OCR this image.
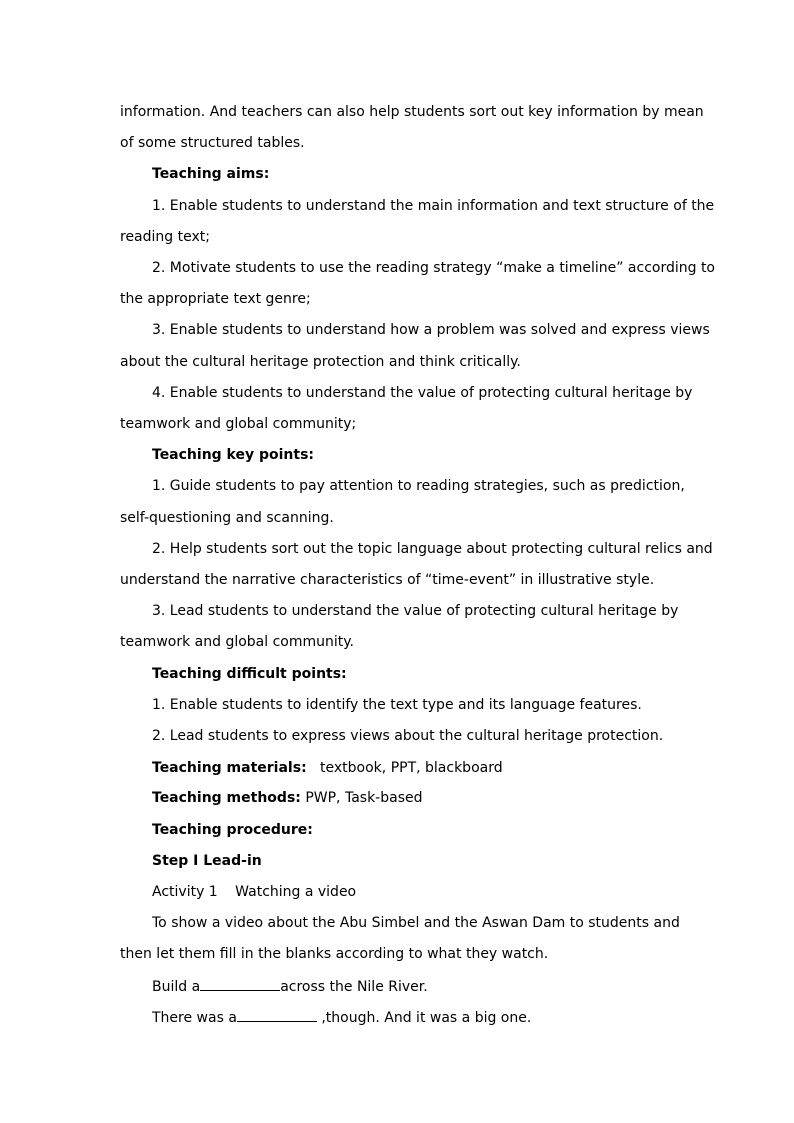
information. And teachers can also help students sort out key information by mean
of some structured tables.
Teaching aims:
1. Enable students to understand the main information and text structure of the
reading text;
2. Motivate students to use the reading strategy “make a timeline” according to
the appropriate text genre;
3. Enable students to understand how a problem was solved and express views
about the cultural heritage protection and think critically.
4. Enable students to understand the value of protecting cultural heritage by
teamwork and global community;
Teaching key points:
1. Guide students to pay attention to reading strategies, such as prediction,
self-questioning and scanning.
2. Help students sort out the topic language about protecting cultural relics and
understand the narrative characteristics of “time-event” in illustrative style.
3. Lead students to understand the value of protecting cultural heritage by
teamwork and global community.
Teaching difficult points:
1. Enable students to identify the text type and its language features.
2. Lead students to express views about the cultural heritage protection.
Teaching materials: textbook, PPT, blackboard
Teaching methods: PWP, Task-based
Teaching procedure:
Step I Lead-in
Activity 1 Watching a video
To show a video about the Abu Simbel and the Aswan Dam to students and
then let them fill in the blanks according to what they watch.
Build a	across the Nile River.
There was a	,though. And it was a big one.
